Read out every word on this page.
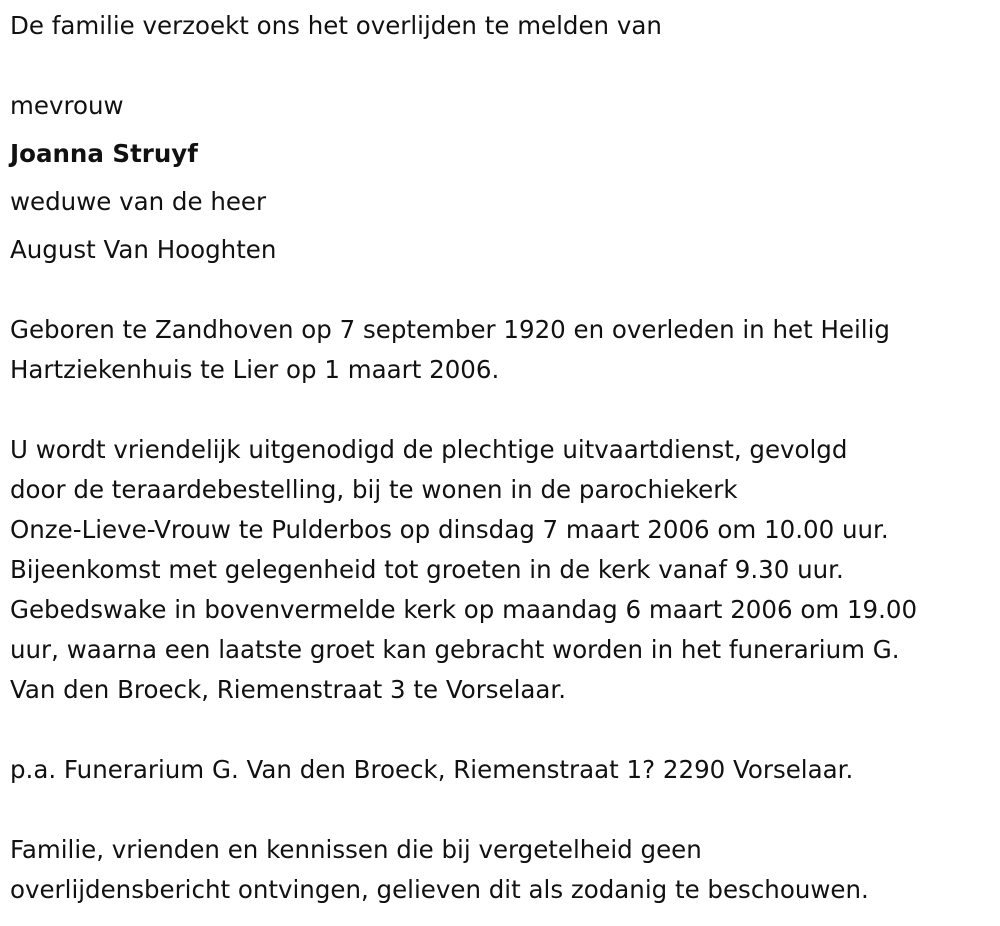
De familie verzoekt ons het overlijden te melden van
mevrouw
Joanna Struyf
weduwe van de heer
August Van Hooghten
Geboren te Zandhoven op 7 september 1920 en overleden in het Heilig
Hartziekenhuis te Lier op 1 maart 2006.
U wordt vriendelijk uitgenodigd de plechtige uitvaartdienst, gevolgd
door de teraardebestelling, bij te wonen in de parochiekerk
Onze-Lieve-Vrouw te Pulderbos op dinsdag 7 maart 2006 om 10.00 uur.
Bijeenkomst met gelegenheid tot groeten in de kerk vanaf 9.30 uur.
Gebedswake in bovenvermelde kerk op maandag 6 maart 2006 om 19.00
uur, waarna een laatste groet kan gebracht worden in het funerarium G.
Van den Broeck, Riemenstraat 3 te Vorselaar.
p.a. Funerarium G. Van den Broeck, Riemenstraat 1? 2290 Vorselaar.
Familie, vrienden en kennissen die bij vergetelheid geen
overlijdensbericht ontvingen, gelieven dit als zodanig te beschouwen.
